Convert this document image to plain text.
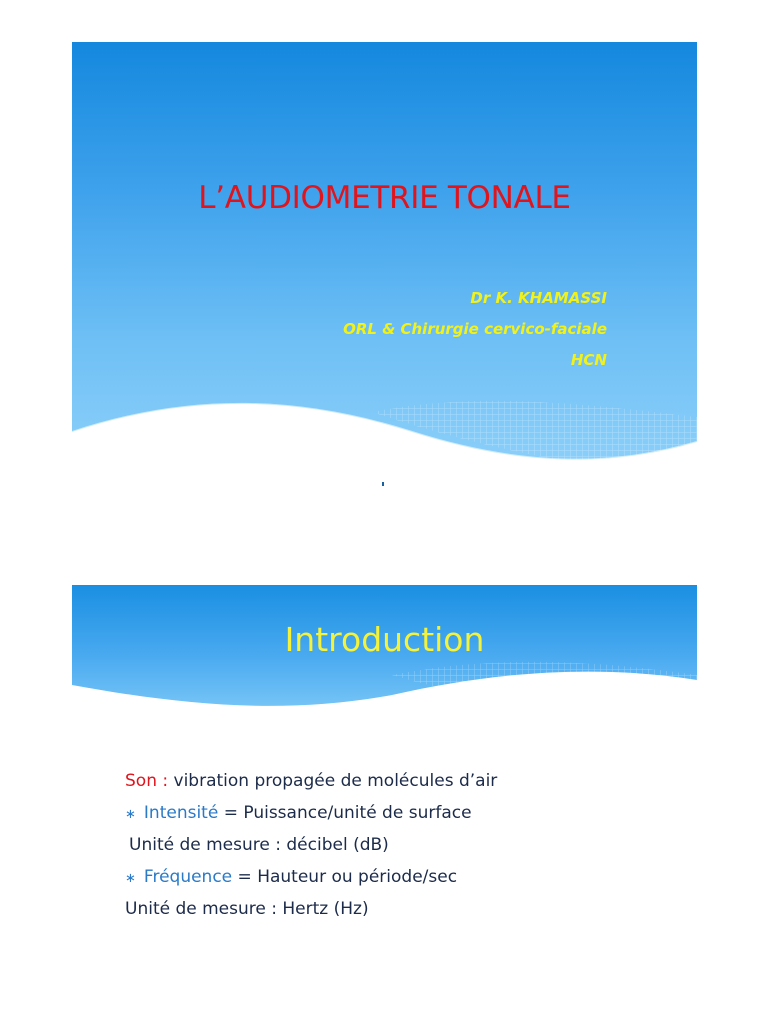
L’AUDIOMETRIE TONALE

Dr K. KHAMASSI

ORL & Chirurgie cervico-faciale

HCN

Introduction
Son : vibration propagée de molécules d’air
∗ Intensité = Puissance/unité de surface
Unité de mesure : décibel (dB)
∗ Fréquence = Hauteur ou période/sec
Unité de mesure : Hertz (Hz)
